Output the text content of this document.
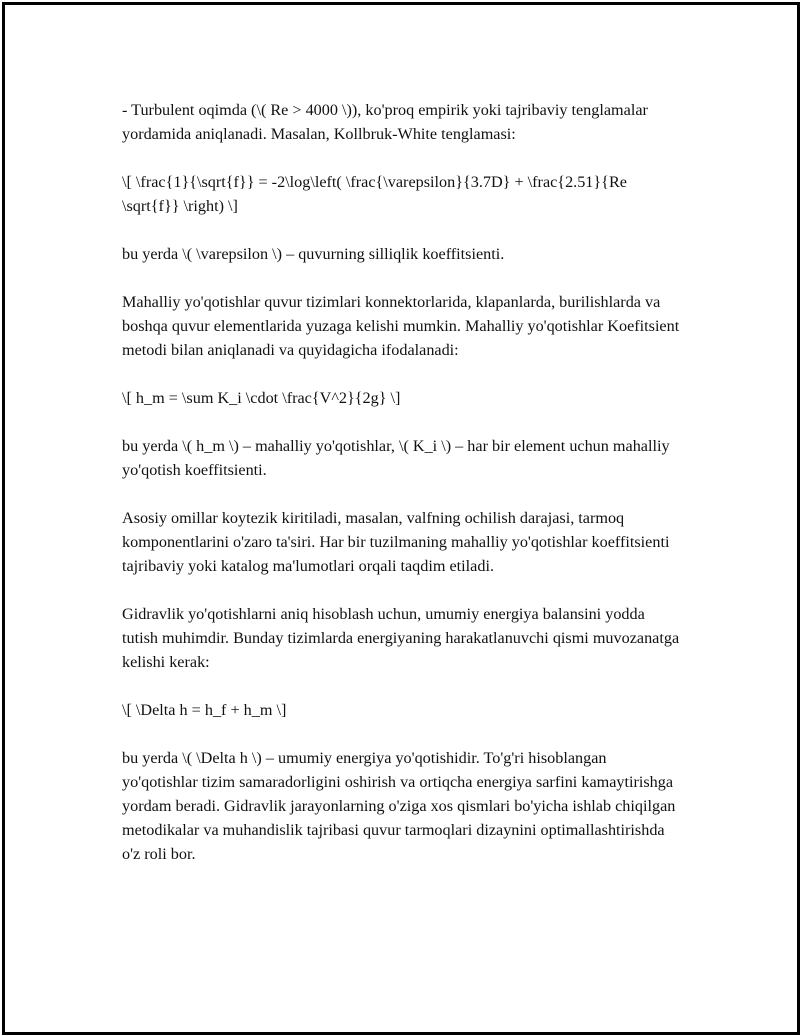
- Turbulent oqimda (\( Re > 4000 \)), ko'proq empirik yoki tajribaviy tenglamalar yordamida aniqlanadi. Masalan, Kollbruk-White tenglamasi:

\[ \frac{1}{\sqrt{f}} = -2\log\left( \frac{\varepsilon}{3.7D} + \frac{2.51}{Re \sqrt{f}} \right) \]

bu yerda \( \varepsilon \) – quvurning silliqlik koeffitsienti.

Mahalliy yo'qotishlar quvur tizimlari konnektorlarida, klapanlarda, burilishlarda va boshqa quvur elementlarida yuzaga kelishi mumkin. Mahalliy yo'qotishlar Koefitsient metodi bilan aniqlanadi va quyidagicha ifodalanadi:

\[ h_m = \sum K_i \cdot \frac{V^2}{2g} \]

bu yerda \( h_m \) – mahalliy yo'qotishlar, \( K_i \) – har bir element uchun mahalliy yo'qotish koeffitsienti.

Asosiy omillar koytezik kiritiladi, masalan, valfning ochilish darajasi, tarmoq komponentlarini o'zaro ta'siri. Har bir tuzilmaning mahalliy yo'qotishlar koeffitsienti tajribaviy yoki katalog ma'lumotlari orqali taqdim etiladi.

Gidravlik yo'qotishlarni aniq hisoblash uchun, umumiy energiya balansini yodda tutish muhimdir. Bunday tizimlarda energiyaning harakatlanuvchi qismi muvozanatga kelishi kerak:

\[ \Delta h = h_f + h_m \]

bu yerda \( \Delta h \) – umumiy energiya yo'qotishidir. To'g'ri hisoblangan yo'qotishlar tizim samaradorligini oshirish va ortiqcha energiya sarfini kamaytirishga yordam beradi. Gidravlik jarayonlarning o'ziga xos qismlari bo'yicha ishlab chiqilgan metodikalar va muhandislik tajribasi quvur tarmoqlari dizaynini optimallashtirishda o'z roli bor.
